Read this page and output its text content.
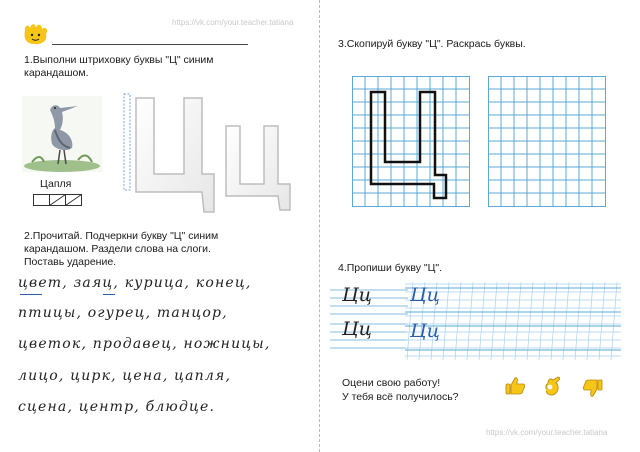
https://vk.com/your.teacher.tatiana
https://vk.com/your.teacher.tatiana
1.Выполни штриховку буквы "Ц" синим
карандашом.
Цапля
2.Прочитай. Подчеркни букву "Ц" синим
карандашом. Раздели слова на слоги.
Поставь ударение.
цвет, заяц, курица, конец,
птицы, огурец, танцор,
цветок, продавец, ножницы,
лицо, цирк, цена, цапля,
сцена, центр, блюдце.
3.Скопируй букву "Ц". Раскрась буквы.
4.Пропиши букву "Ц".
Цц
Цц
Цц
Цц
Оцени свою работу!
У тебя всё получилось?
